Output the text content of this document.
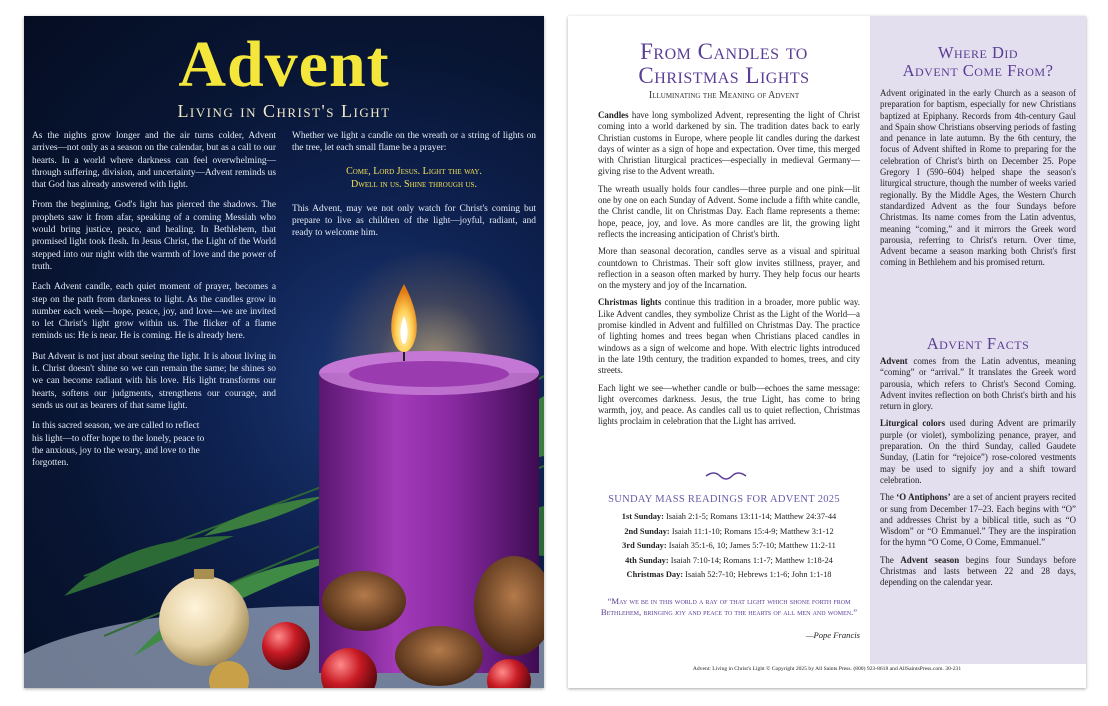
Advent
Living in Christ's Light

As the nights grow longer and the air turns colder, Advent arrives—not only as a season on the calendar, but as a call to our hearts. In a world where darkness can feel overwhelming—through suffering, division, and uncertainty—Advent reminds us that God has already answered with light.

From the beginning, God's light has pierced the shadows. The prophets saw it from afar, speaking of a coming Messiah who would bring justice, peace, and healing. In Bethlehem, that promised light took flesh. In Jesus Christ, the Light of the World stepped into our night with the warmth of love and the power of truth.

Each Advent candle, each quiet moment of prayer, becomes a step on the path from darkness to light. As the candles grow in number each week—hope, peace, joy, and love—we are invited to let Christ's light grow within us. The flicker of a flame reminds us: He is near. He is coming. He is already here.

But Advent is not just about seeing the light. It is about living in it. Christ doesn't shine so we can remain the same; he shines so we can become radiant with his love. His light transforms our hearts, softens our judgments, strengthens our courage, and sends us out as bearers of that same light.

In this sacred season, we are called to reflect his light—to offer hope to the lonely, peace to the anxious, joy to the weary, and love to the forgotten.

Whether we light a candle on the wreath or a string of lights on the tree, let each small flame be a prayer:

Come, Lord Jesus. Light the way.
Dwell in us. Shine through us.

This Advent, may we not only watch for Christ's coming but prepare to live as children of the light—joyful, radiant, and ready to welcome him.

From Candles to
Christmas Lights
Illuminating the Meaning of Advent

Candles have long symbolized Advent, representing the light of Christ coming into a world darkened by sin. The tradition dates back to early Christian customs in Europe, where people lit candles during the darkest days of winter as a sign of hope and expectation. Over time, this merged with Christian liturgical practices—especially in medieval Germany—giving rise to the Advent wreath.

The wreath usually holds four candles—three purple and one pink—lit one by one on each Sunday of Advent. Some include a fifth white candle, the Christ candle, lit on Christmas Day. Each flame represents a theme: hope, peace, joy, and love. As more candles are lit, the growing light reflects the increasing anticipation of Christ's birth.

More than seasonal decoration, candles serve as a visual and spiritual countdown to Christmas. Their soft glow invites stillness, prayer, and reflection in a season often marked by hurry. They help focus our hearts on the mystery and joy of the Incarnation.

Christmas lights continue this tradition in a broader, more public way. Like Advent candles, they symbolize Christ as the Light of the World—a promise kindled in Advent and fulfilled on Christmas Day. The practice of lighting homes and trees began when Christians placed candles in windows as a sign of welcome and hope. With electric lights introduced in the late 19th century, the tradition expanded to homes, trees, and city streets.

Each light we see—whether candle or bulb—echoes the same message: light overcomes darkness. Jesus, the true Light, has come to bring warmth, joy, and peace. As candles call us to quiet reflection, Christmas lights proclaim in celebration that the Light has arrived.

SUNDAY MASS READINGS FOR ADVENT 2025
1st Sunday: Isaiah 2:1-5; Romans 13:11-14; Matthew 24:37-44
2nd Sunday: Isaiah 11:1-10; Romans 15:4-9; Matthew 3:1-12
3rd Sunday: Isaiah 35:1-6, 10; James 5:7-10; Matthew 11:2-11
4th Sunday: Isaiah 7:10-14; Romans 1:1-7; Matthew 1:18-24
Christmas Day: Isaiah 52:7-10; Hebrews 1:1-6; John 1:1-18
“May we be in this world a ray of that light which shone forth from Bethlehem, bringing joy and peace to the hearts of all men and women.”
—Pope Francis
Where Did
Advent Come From?

Advent originated in the early Church as a season of preparation for baptism, especially for new Christians baptized at Epiphany. Records from 4th-century Gaul and Spain show Christians observing periods of fasting and penance in late autumn. By the 6th century, the focus of Advent shifted in Rome to preparing for the celebration of Christ's birth on December 25. Pope Gregory I (590–604) helped shape the season's liturgical structure, though the number of weeks varied regionally. By the Middle Ages, the Western Church standardized Advent as the four Sundays before Christmas. Its name comes from the Latin adventus, meaning “coming,” and it mirrors the Greek word parousia, referring to Christ's return. Over time, Advent became a season marking both Christ's first coming in Bethlehem and his promised return.

Advent Facts

Advent comes from the Latin adventus, meaning “coming” or “arrival.” It translates the Greek word parousia, which refers to Christ's Second Coming. Advent invites reflection on both Christ's birth and his return in glory.

Liturgical colors used during Advent are primarily purple (or violet), symbolizing penance, prayer, and preparation. On the third Sunday, called Gaudete Sunday, (Latin for “rejoice”) rose-colored vestments may be used to signify joy and a shift toward celebration.

The ‘O Antiphons’ are a set of ancient prayers recited or sung from December 17–23. Each begins with “O” and addresses Christ by a biblical title, such as “O Wisdom” or “O Emmanuel.” They are the inspiration for the hymn “O Come, O Come, Emmanuel.”

The Advent season begins four Sundays before Christmas and lasts between 22 and 28 days, depending on the calendar year.

Advent: Living in Christ's Light © Copyright 2025 by All Saints Press. (800) 923-8618 and AllSaintsPress.com. 30-231
